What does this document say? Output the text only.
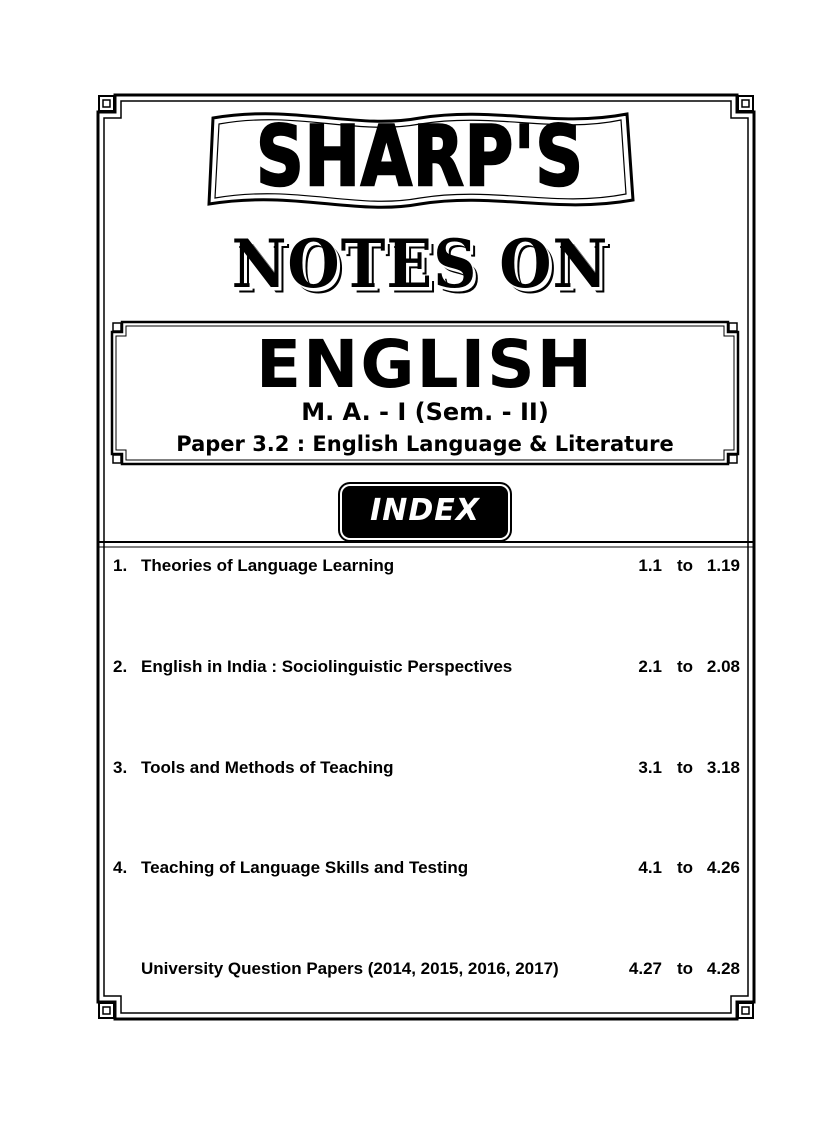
SHARP'S
NOTES ON
ENGLISH
M. A. - I (Sem. - II)
Paper 3.2 : English Language & Literature
INDEX
1. Theories of Language Learning	1.1 to 1.19
2. English in India : Sociolinguistic Perspectives	2.1 to 2.08
3. Tools and Methods of Teaching	3.1 to 3.18
4. Teaching of Language Skills and Testing	4.1 to 4.26
University Question Papers (2014, 2015, 2016, 2017)	4.27 to 4.28
